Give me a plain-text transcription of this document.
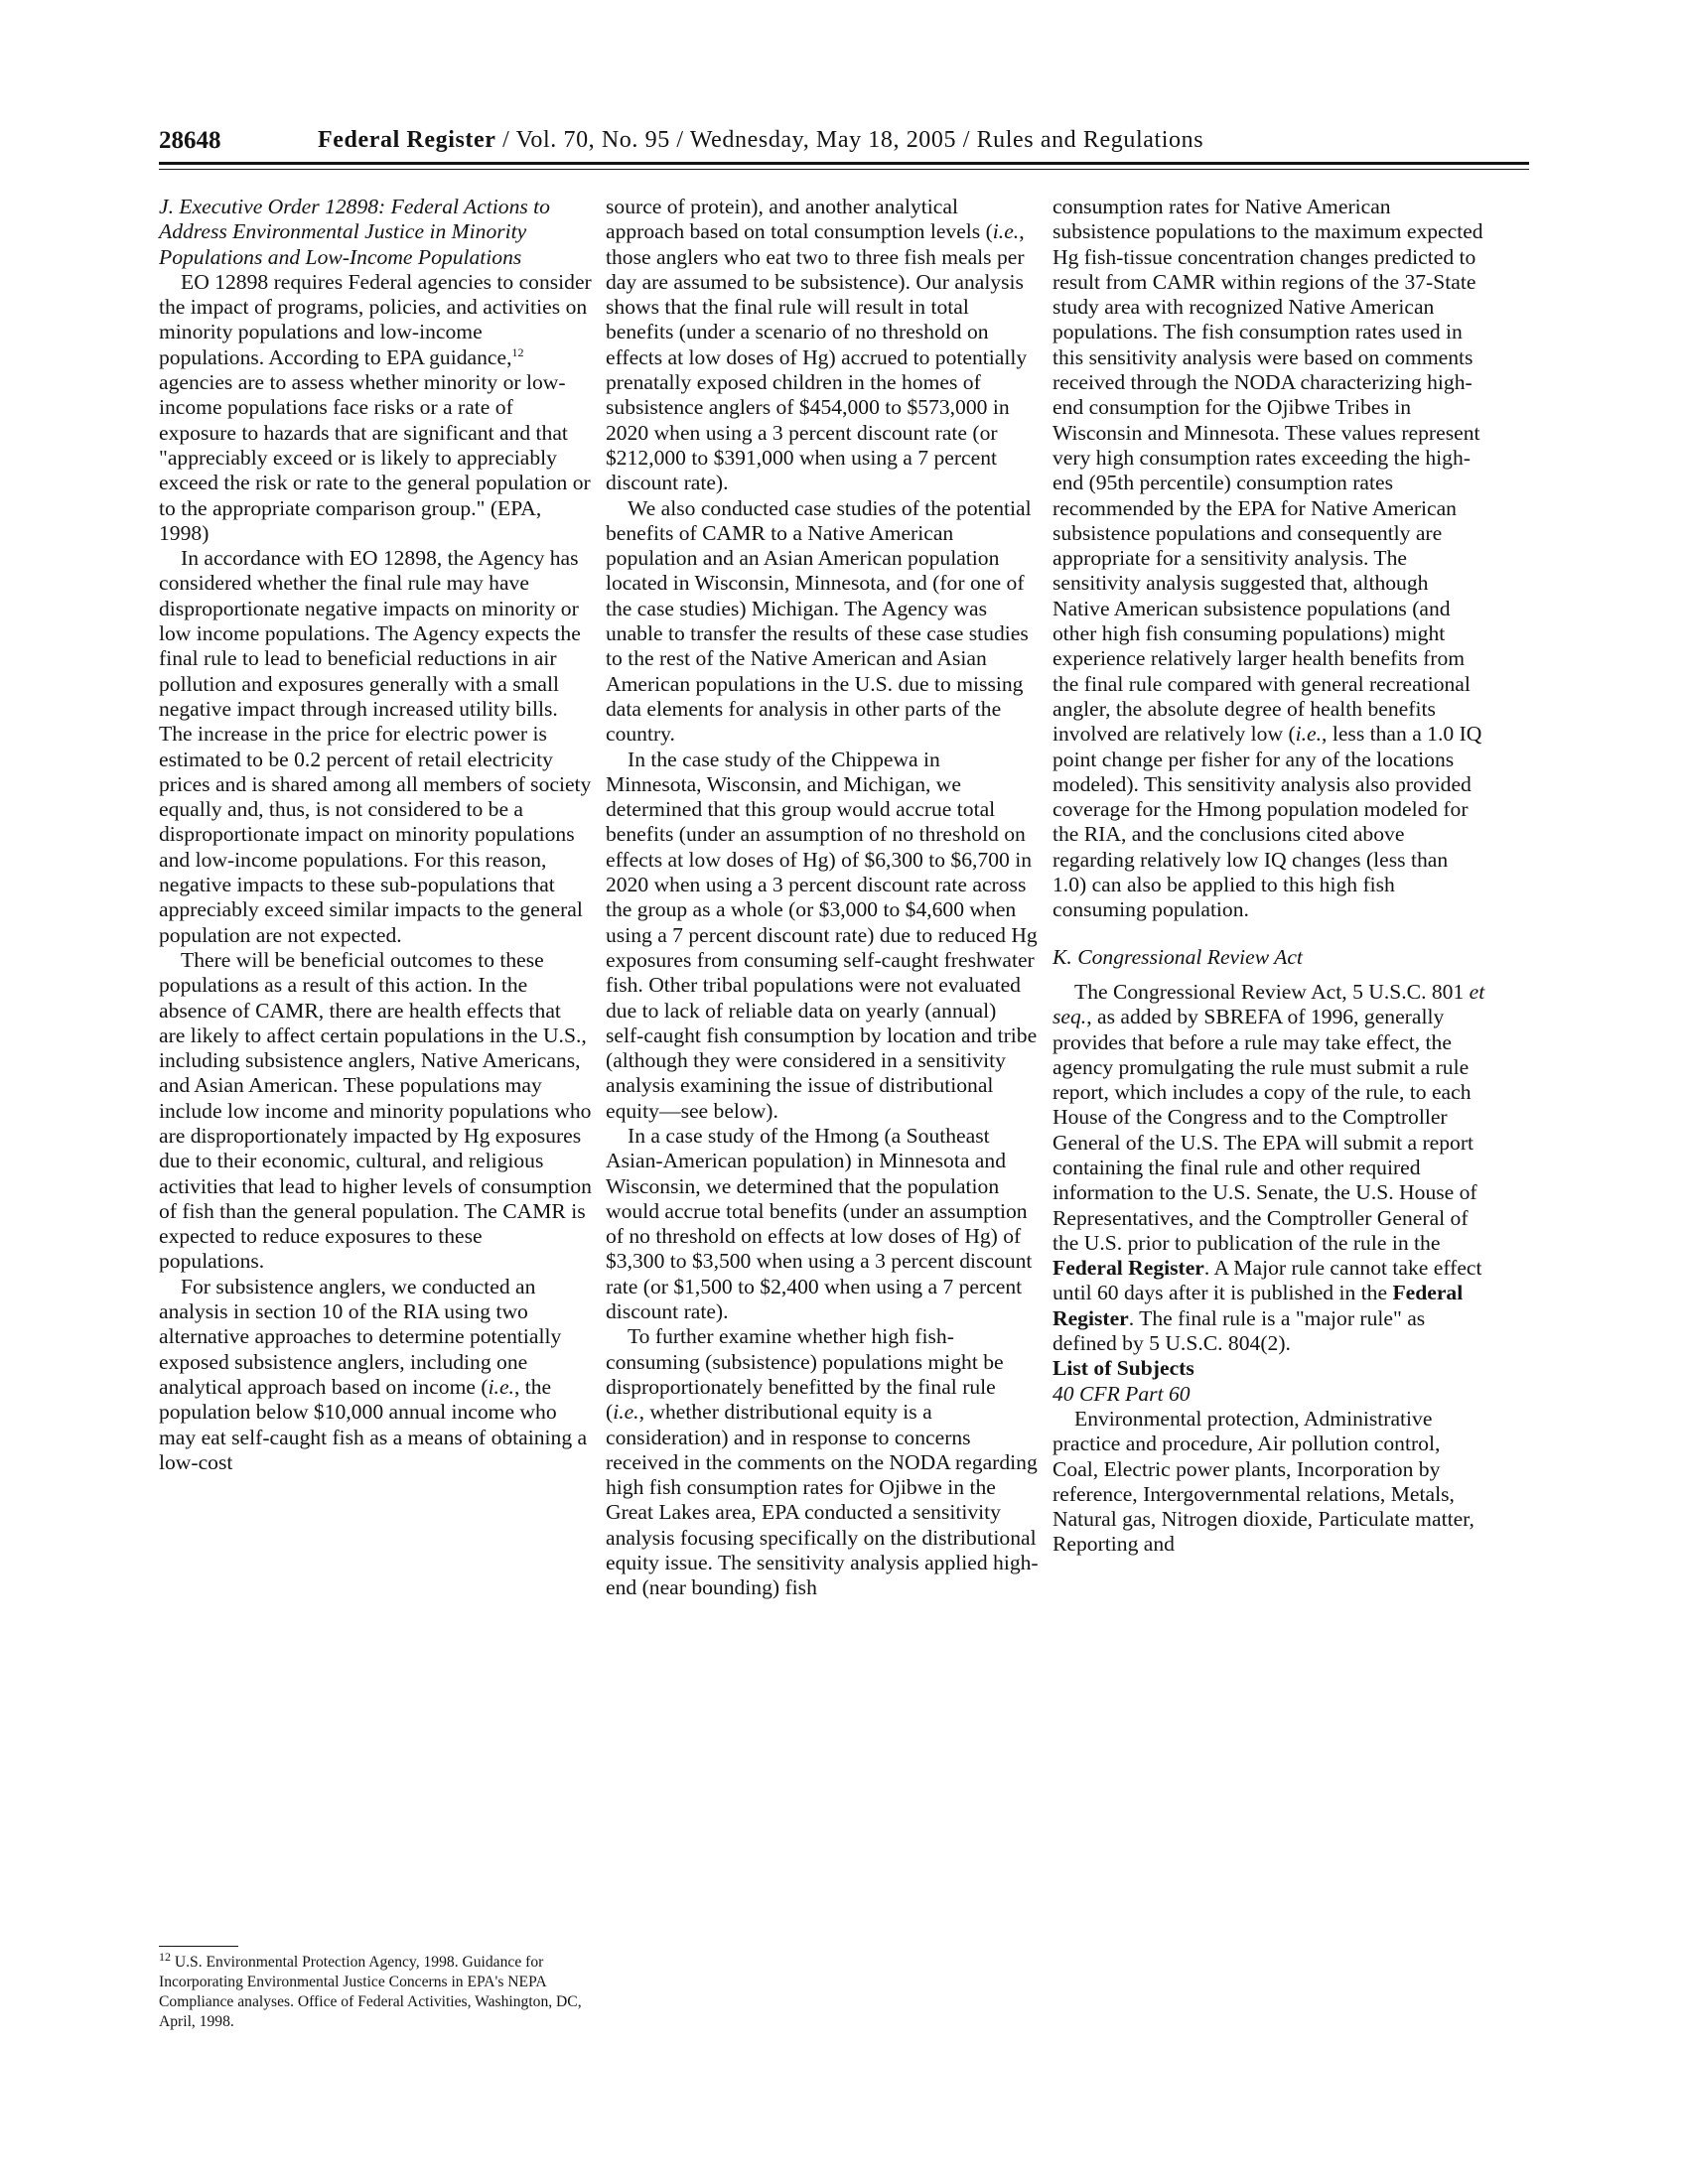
28648	Federal Register / Vol. 70, No. 95 / Wednesday, May 18, 2005 / Rules and Regulations

J. Executive Order 12898: Federal Actions to Address Environmental Justice in Minority Populations and Low-Income Populations

EO 12898 requires Federal agencies to consider the impact of programs, policies, and activities on minority populations and low-income populations. According to EPA guidance,$^{12}$ agencies are to assess whether minority or low-income populations face risks or a rate of exposure to hazards that are significant and that "appreciably exceed or is likely to appreciably exceed the risk or rate to the general population or to the appropriate comparison group." (EPA, 1998)

In accordance with EO 12898, the Agency has considered whether the final rule may have disproportionate negative impacts on minority or low income populations. The Agency expects the final rule to lead to beneficial reductions in air pollution and exposures generally with a small negative impact through increased utility bills. The increase in the price for electric power is estimated to be 0.2 percent of retail electricity prices and is shared among all members of society equally and, thus, is not considered to be a disproportionate impact on minority populations and low-income populations. For this reason, negative impacts to these sub-populations that appreciably exceed similar impacts to the general population are not expected.

There will be beneficial outcomes to these populations as a result of this action. In the absence of CAMR, there are health effects that are likely to affect certain populations in the U.S., including subsistence anglers, Native Americans, and Asian American. These populations may include low income and minority populations who are disproportionately impacted by Hg exposures due to their economic, cultural, and religious activities that lead to higher levels of consumption of fish than the general population. The CAMR is expected to reduce exposures to these populations.

For subsistence anglers, we conducted an analysis in section 10 of the RIA using two alternative approaches to determine potentially exposed subsistence anglers, including one analytical approach based on income (i.e., the population below $10,000 annual income who may eat self-caught fish as a means of obtaining a low-cost

$^{12}$ U.S. Environmental Protection Agency, 1998. Guidance for Incorporating Environmental Justice Concerns in EPA's NEPA Compliance analyses. Office of Federal Activities, Washington, DC, April, 1998.

source of protein), and another analytical approach based on total consumption levels (i.e., those anglers who eat two to three fish meals per day are assumed to be subsistence). Our analysis shows that the final rule will result in total benefits (under a scenario of no threshold on effects at low doses of Hg) accrued to potentially prenatally exposed children in the homes of subsistence anglers of $454,000 to $573,000 in 2020 when using a 3 percent discount rate (or $212,000 to $391,000 when using a 7 percent discount rate).

We also conducted case studies of the potential benefits of CAMR to a Native American population and an Asian American population located in Wisconsin, Minnesota, and (for one of the case studies) Michigan. The Agency was unable to transfer the results of these case studies to the rest of the Native American and Asian American populations in the U.S. due to missing data elements for analysis in other parts of the country.

In the case study of the Chippewa in Minnesota, Wisconsin, and Michigan, we determined that this group would accrue total benefits (under an assumption of no threshold on effects at low doses of Hg) of $6,300 to $6,700 in 2020 when using a 3 percent discount rate across the group as a whole (or $3,000 to $4,600 when using a 7 percent discount rate) due to reduced Hg exposures from consuming self-caught freshwater fish. Other tribal populations were not evaluated due to lack of reliable data on yearly (annual) self-caught fish consumption by location and tribe (although they were considered in a sensitivity analysis examining the issue of distributional equity—see below).

In a case study of the Hmong (a Southeast Asian-American population) in Minnesota and Wisconsin, we determined that the population would accrue total benefits (under an assumption of no threshold on effects at low doses of Hg) of $3,300 to $3,500 when using a 3 percent discount rate (or $1,500 to $2,400 when using a 7 percent discount rate).

To further examine whether high fish-consuming (subsistence) populations might be disproportionately benefitted by the final rule (i.e., whether distributional equity is a consideration) and in response to concerns received in the comments on the NODA regarding high fish consumption rates for Ojibwe in the Great Lakes area, EPA conducted a sensitivity analysis focusing specifically on the distributional equity issue. The sensitivity analysis applied high-end (near bounding) fish

consumption rates for Native American subsistence populations to the maximum expected Hg fish-tissue concentration changes predicted to result from CAMR within regions of the 37-State study area with recognized Native American populations. The fish consumption rates used in this sensitivity analysis were based on comments received through the NODA characterizing high-end consumption for the Ojibwe Tribes in Wisconsin and Minnesota. These values represent very high consumption rates exceeding the high-end (95th percentile) consumption rates recommended by the EPA for Native American subsistence populations and consequently are appropriate for a sensitivity analysis. The sensitivity analysis suggested that, although Native American subsistence populations (and other high fish consuming populations) might experience relatively larger health benefits from the final rule compared with general recreational angler, the absolute degree of health benefits involved are relatively low (i.e., less than a 1.0 IQ point change per fisher for any of the locations modeled). This sensitivity analysis also provided coverage for the Hmong population modeled for the RIA, and the conclusions cited above regarding relatively low IQ changes (less than 1.0) can also be applied to this high fish consuming population.

K. Congressional Review Act

The Congressional Review Act, 5 U.S.C. 801 et seq., as added by SBREFA of 1996, generally provides that before a rule may take effect, the agency promulgating the rule must submit a rule report, which includes a copy of the rule, to each House of the Congress and to the Comptroller General of the U.S. The EPA will submit a report containing the final rule and other required information to the U.S. Senate, the U.S. House of Representatives, and the Comptroller General of the U.S. prior to publication of the rule in the Federal Register. A Major rule cannot take effect until 60 days after it is published in the Federal Register. The final rule is a "major rule" as defined by 5 U.S.C. 804(2).

List of Subjects

40 CFR Part 60

Environmental protection, Administrative practice and procedure, Air pollution control, Coal, Electric power plants, Incorporation by reference, Intergovernmental relations, Metals, Natural gas, Nitrogen dioxide, Particulate matter, Reporting and
